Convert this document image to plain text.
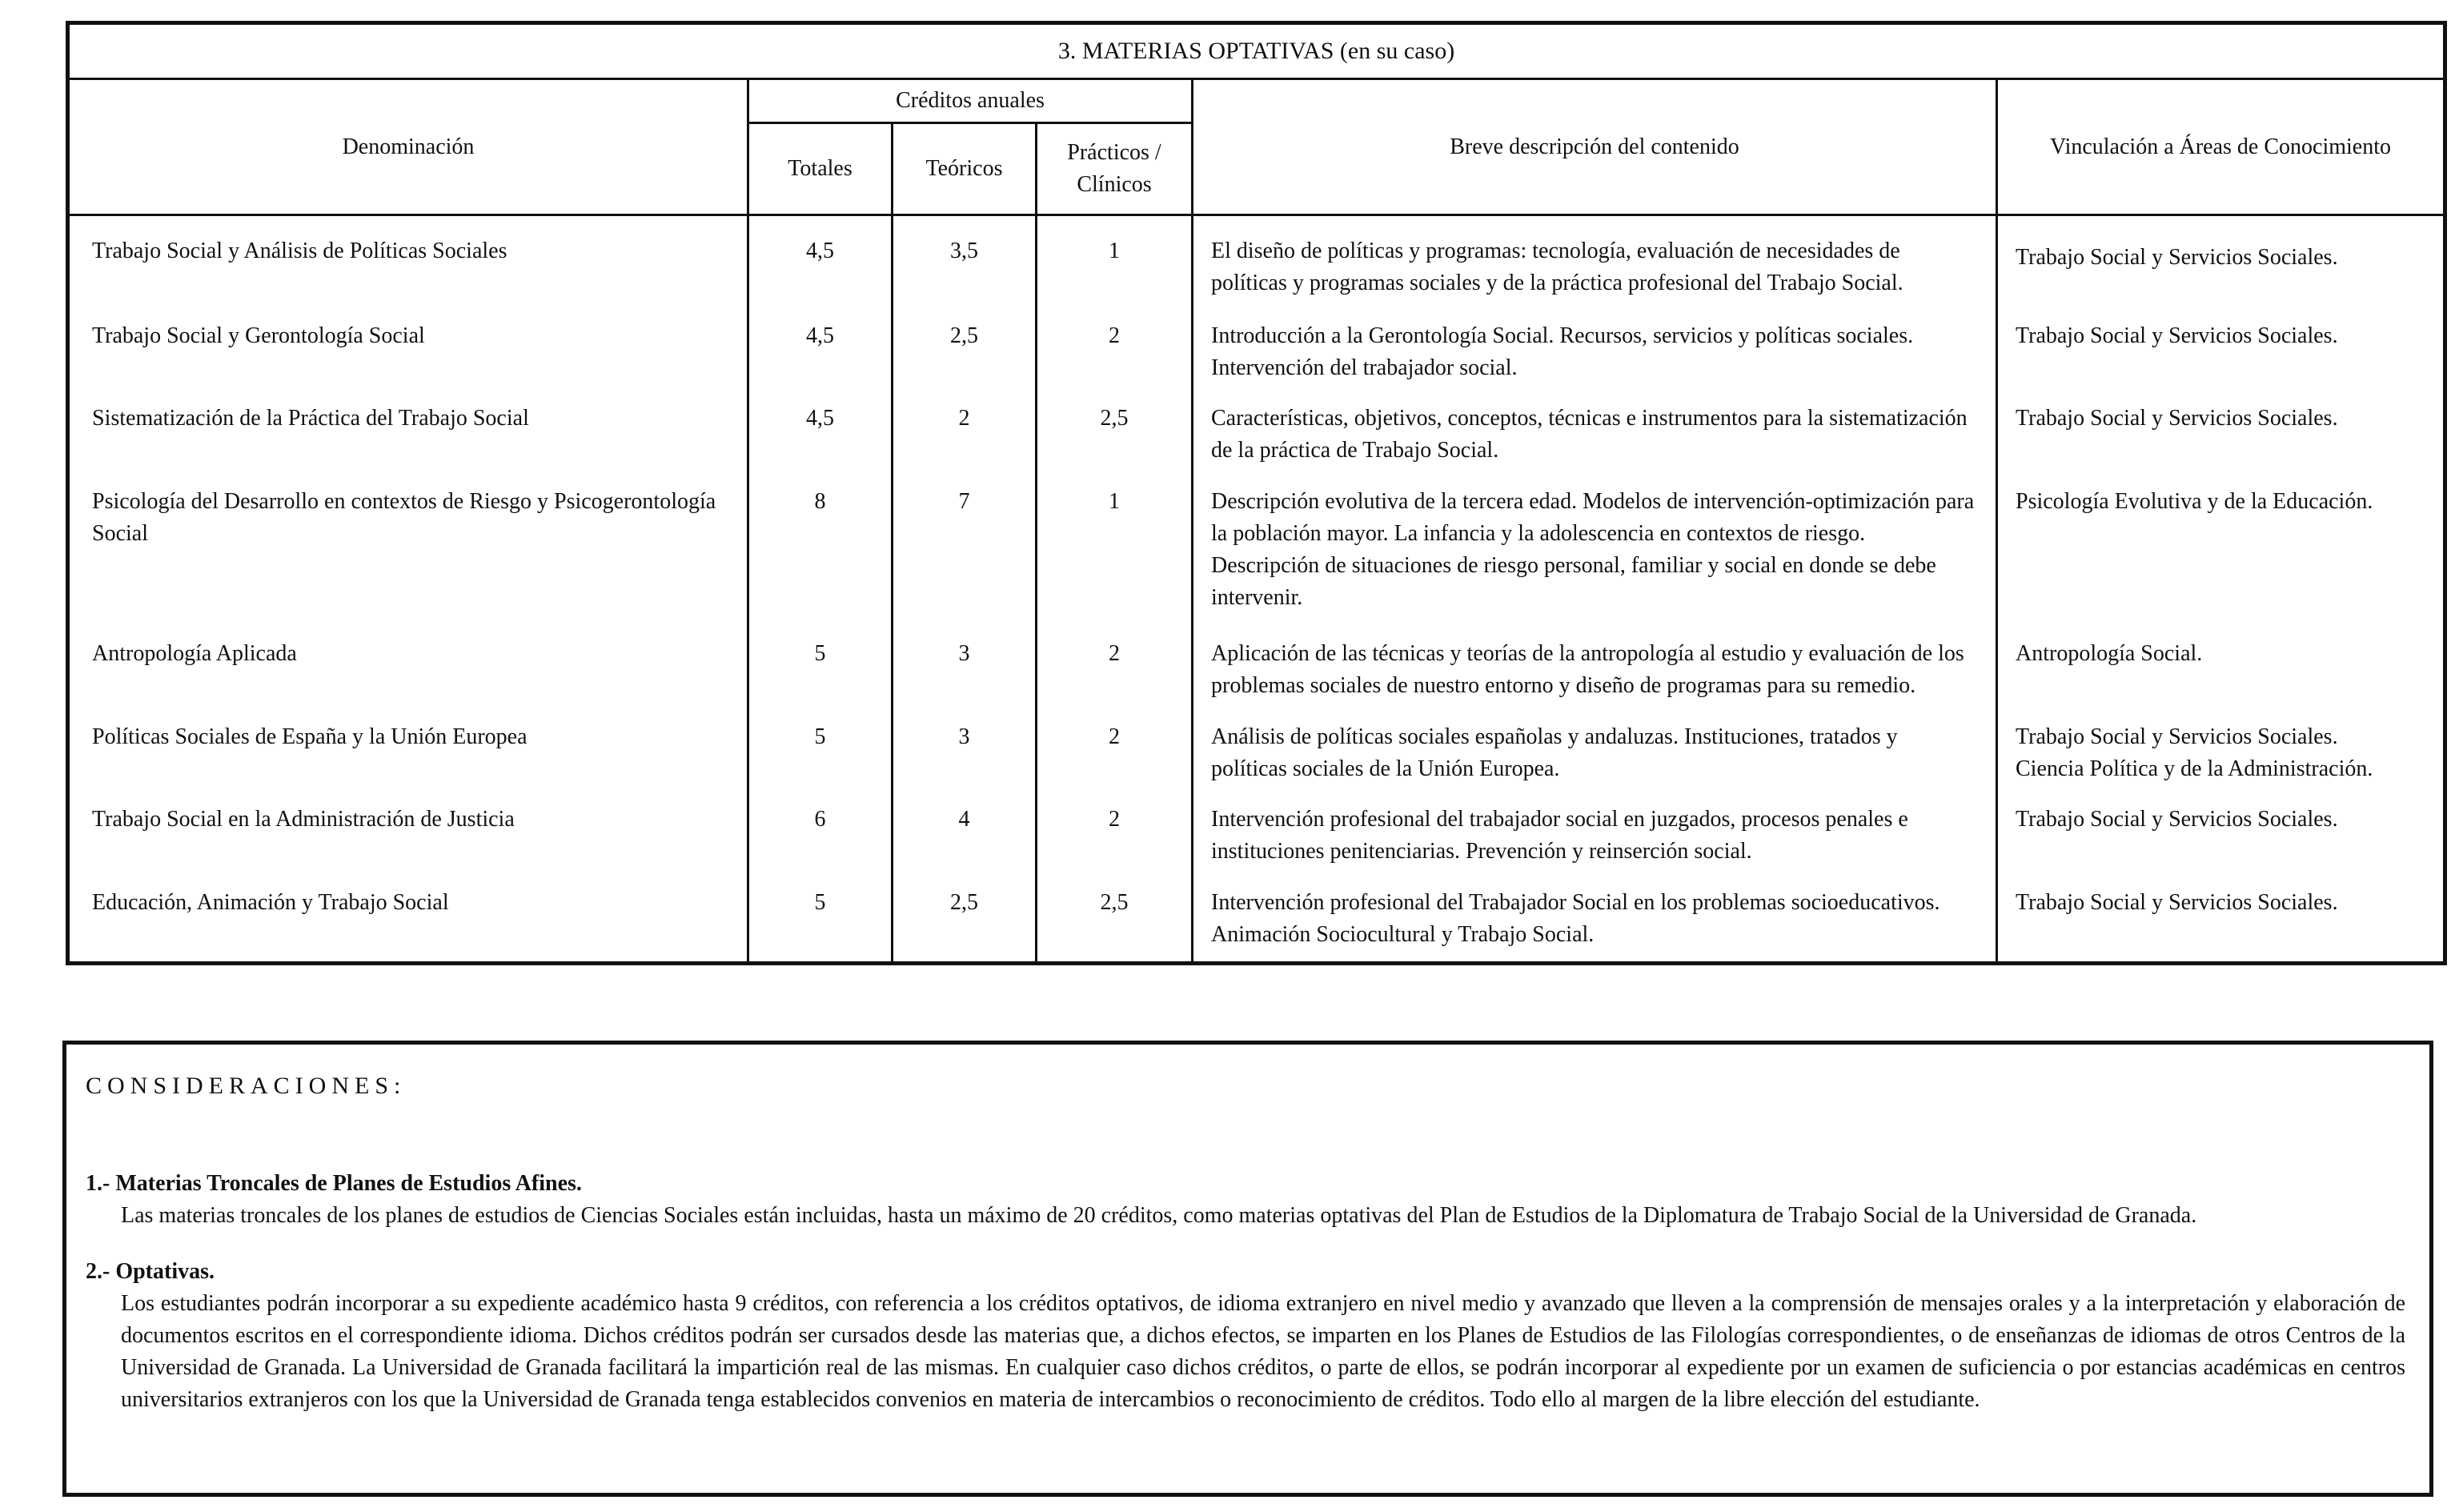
3. MATERIAS OPTATIVAS (en su caso)					
Denominación	Créditos anuales			Breve descripción del contenido	Vinculación a Áreas de Conocimiento
	Totales	Teóricos	Prácticos / Clínicos		
Trabajo Social y Análisis de Políticas Sociales	4,5	3,5	1	El diseño de políticas y programas: tecnología, evaluación de necesidades de políticas y programas sociales y de la práctica profesional del Trabajo Social.	Trabajo Social y Servicios Sociales.
Trabajo Social y Gerontología Social	4,5	2,5	2	Introducción a la Gerontología Social. Recursos, servicios y políticas sociales. Intervención del trabajador social.	Trabajo Social y Servicios Sociales.
Sistematización de la Práctica del Trabajo Social	4,5	2	2,5	Características, objetivos, conceptos, técnicas e instrumentos para la sistematización de la práctica de Trabajo Social.	Trabajo Social y Servicios Sociales.
Psicología del Desarrollo en contextos de Riesgo y Psicogerontología Social	8	7	1	Descripción evolutiva de la tercera edad. Modelos de intervención-optimización para la población mayor. La infancia y la adolescencia en contextos de riesgo. Descripción de situaciones de riesgo personal, familiar y social en donde se debe intervenir.	Psicología Evolutiva y de la Educación.
Antropología Aplicada	5	3	2	Aplicación de las técnicas y teorías de la antropología al estudio y evaluación de los problemas sociales de nuestro entorno y diseño de programas para su remedio.	Antropología Social.
Políticas Sociales de España y la Unión Europea	5	3	2	Análisis de políticas sociales españolas y andaluzas. Instituciones, tratados y políticas sociales de la Unión Europea.	Trabajo Social y Servicios Sociales.
Ciencia Política y de la Administración.

Trabajo Social en la Administración de Justicia	6	4	2	Intervención profesional del trabajador social en juzgados, procesos penales e instituciones penitenciarias. Prevención y reinserción social.	Trabajo Social y Servicios Sociales.
Educación, Animación y Trabajo Social	5	2,5	2,5	Intervención profesional del Trabajador Social en los problemas socioeducativos. Animación Sociocultural y Trabajo Social.	Trabajo Social y Servicios Sociales.
CONSIDERACIONES:

1.- Materias Troncales de Planes de Estudios Afines.

Las materias troncales de los planes de estudios de Ciencias Sociales están incluidas, hasta un máximo de 20 créditos, como materias optativas del Plan de Estudios de la Diplomatura de Trabajo Social de la Universidad de Granada.

2.- Optativas.

Los estudiantes podrán incorporar a su expediente académico hasta 9 créditos, con referencia a los créditos optativos, de idioma extranjero en nivel medio y avanzado que lleven a la comprensión de mensajes orales y a la interpretación y elaboración de documentos escritos en el correspondiente idioma. Dichos créditos podrán ser cursados desde las materias que, a dichos efectos, se imparten en los Planes de Estudios de las Filologías correspondientes, o de enseñanzas de idiomas de otros Centros de la Universidad de Granada. La Universidad de Granada facilitará la impartición real de las mismas. En cualquier caso dichos créditos, o parte de ellos, se podrán incorporar al expediente por un examen de suficiencia o por estancias académicas en centros universitarios extranjeros con los que la Universidad de Granada tenga establecidos convenios en materia de intercambios o reconocimiento de créditos. Todo ello al margen de la libre elección del estudiante.
